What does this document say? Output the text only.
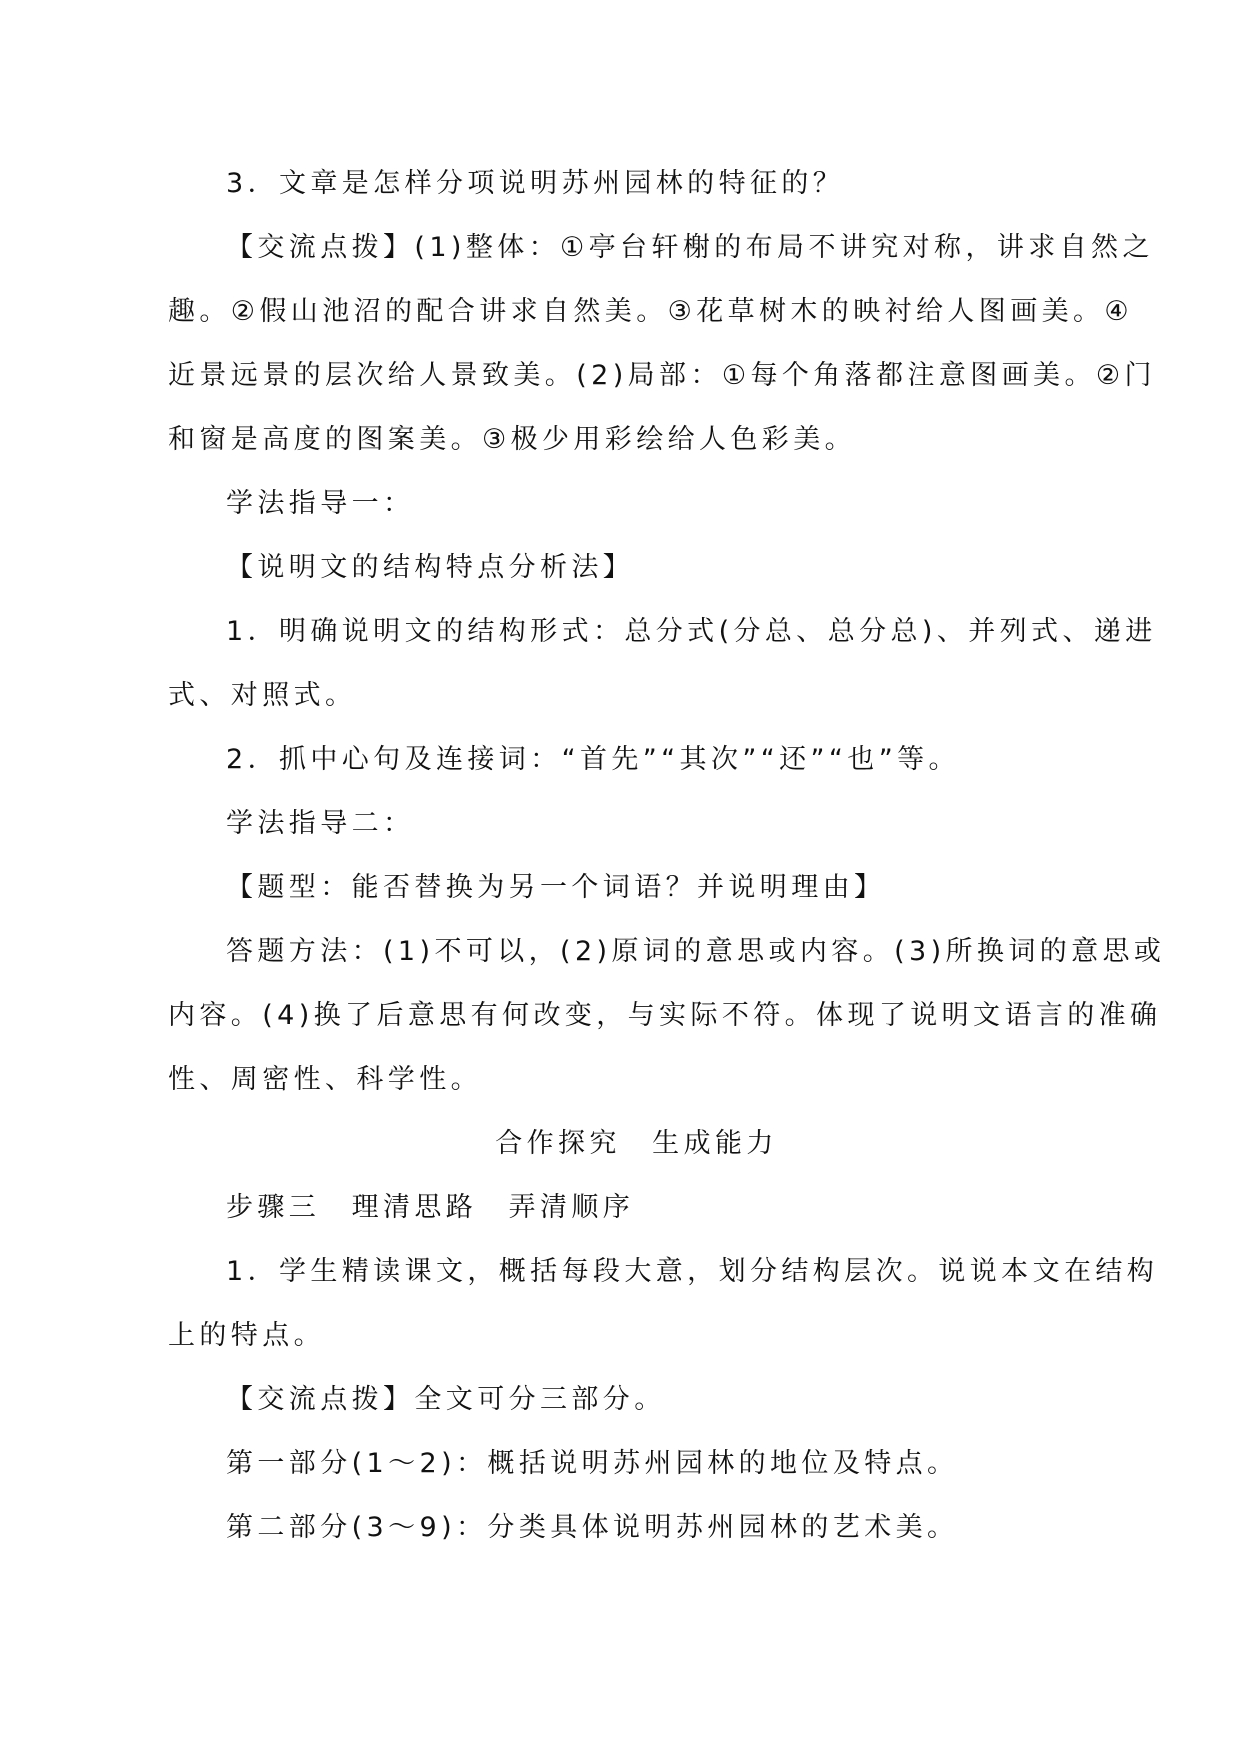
3．文章是怎样分项说明苏州园林的特征的？
【交流点拨】(1)整体：①亭台轩榭的布局不讲究对称，讲求自然之
趣。②假山池沼的配合讲求自然美。③花草树木的映衬给人图画美。④
近景远景的层次给人景致美。(2)局部：①每个角落都注意图画美。②门
和窗是高度的图案美。③极少用彩绘给人色彩美。
学法指导一：
【说明文的结构特点分析法】
1．明确说明文的结构形式：总分式(分总、总分总)、并列式、递进
式、对照式。
2．抓中心句及连接词：“首先”“其次”“还”“也”等。
学法指导二：
【题型：能否替换为另一个词语？并说明理由】
答题方法：(1)不可以，(2)原词的意思或内容。(3)所换词的意思或
内容。(4)换了后意思有何改变，与实际不符。体现了说明文语言的准确
性、周密性、科学性。
合作探究　生成能力
步骤三　理清思路　弄清顺序
1．学生精读课文，概括每段大意，划分结构层次。说说本文在结构
上的特点。
【交流点拨】全文可分三部分。
第一部分(1～2)：概括说明苏州园林的地位及特点。
第二部分(3～9)：分类具体说明苏州园林的艺术美。
